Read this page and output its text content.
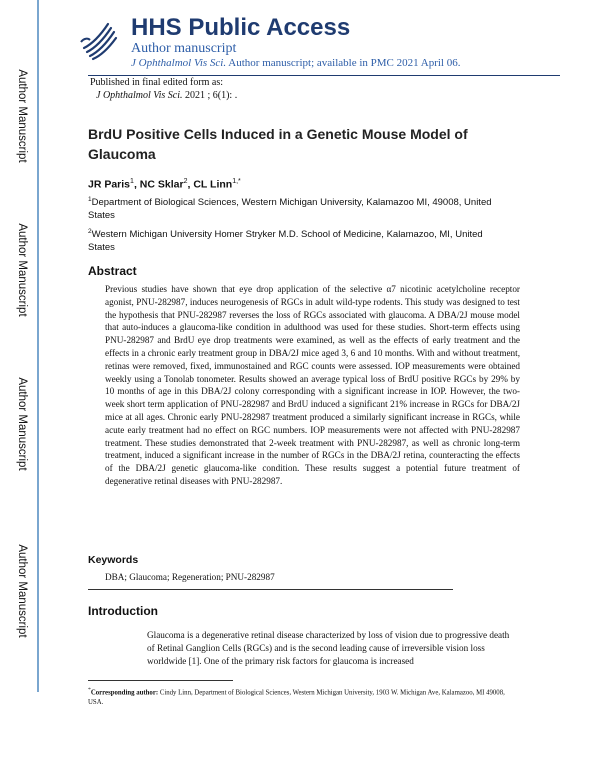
Author Manuscript
Author Manuscript
Author Manuscript
Author Manuscript
HHS Public Access
Author manuscript
J Ophthalmol Vis Sci. Author manuscript; available in PMC 2021 April 06.
Published in final edited form as:
J Ophthalmol Vis Sci. 2021 ; 6(1): .
BrdU Positive Cells Induced in a Genetic Mouse Model of Glaucoma
JR Paris$^1$, NC Sklar$^2$, CL Linn$^{1,*}$
$^1$Department of Biological Sciences, Western Michigan University, Kalamazoo MI, 49008, United States
$^2$Western Michigan University Homer Stryker M.D. School of Medicine, Kalamazoo, MI, United States
Abstract
Previous studies have shown that eye drop application of the selective α7 nicotinic acetylcholine receptor agonist, PNU-282987, induces neurogenesis of RGCs in adult wild-type rodents. This study was designed to test the hypothesis that PNU-282987 reverses the loss of RGCs associated with glaucoma. A DBA/2J mouse model that auto-induces a glaucoma-like condition in adulthood was used for these studies. Short-term effects using PNU-282987 and BrdU eye drop treatments were examined, as well as the effects of early treatment and the effects in a chronic early treatment group in DBA/2J mice aged 3, 6 and 10 months. With and without treatment, retinas were removed, fixed, immunostained and RGC counts were assessed. IOP measurements were obtained weekly using a Tonolab tonometer. Results showed an average typical loss of BrdU positive RGCs by 29% by 10 months of age in this DBA/2J colony corresponding with a significant increase in IOP. However, the two-week short term application of PNU-282987 and BrdU induced a significant 21% increase in RGCs for DBA/2J mice at all ages. Chronic early PNU-282987 treatment produced a similarly significant increase in RGCs, while acute early treatment had no effect on RGC numbers. IOP measurements were not affected with PNU-282987 treatment. These studies demonstrated that 2-week treatment with PNU-282987, as well as chronic long-term treatment, induced a significant increase in the number of RGCs in the DBA/2J retina, counteracting the effects of the DBA/2J genetic glaucoma-like condition. These results suggest a potential future treatment of degenerative retinal diseases with PNU-282987.
Keywords
DBA; Glaucoma; Regeneration; PNU-282987
Introduction
Glaucoma is a degenerative retinal disease characterized by loss of vision due to progressive death of Retinal Ganglion Cells (RGCs) and is the second leading cause of irreversible vision loss worldwide [1]. One of the primary risk factors for glaucoma is increased
*Corresponding author: Cindy Linn, Department of Biological Sciences, Western Michigan University, 1903 W. Michigan Ave, Kalamazoo, MI 49008, USA.
